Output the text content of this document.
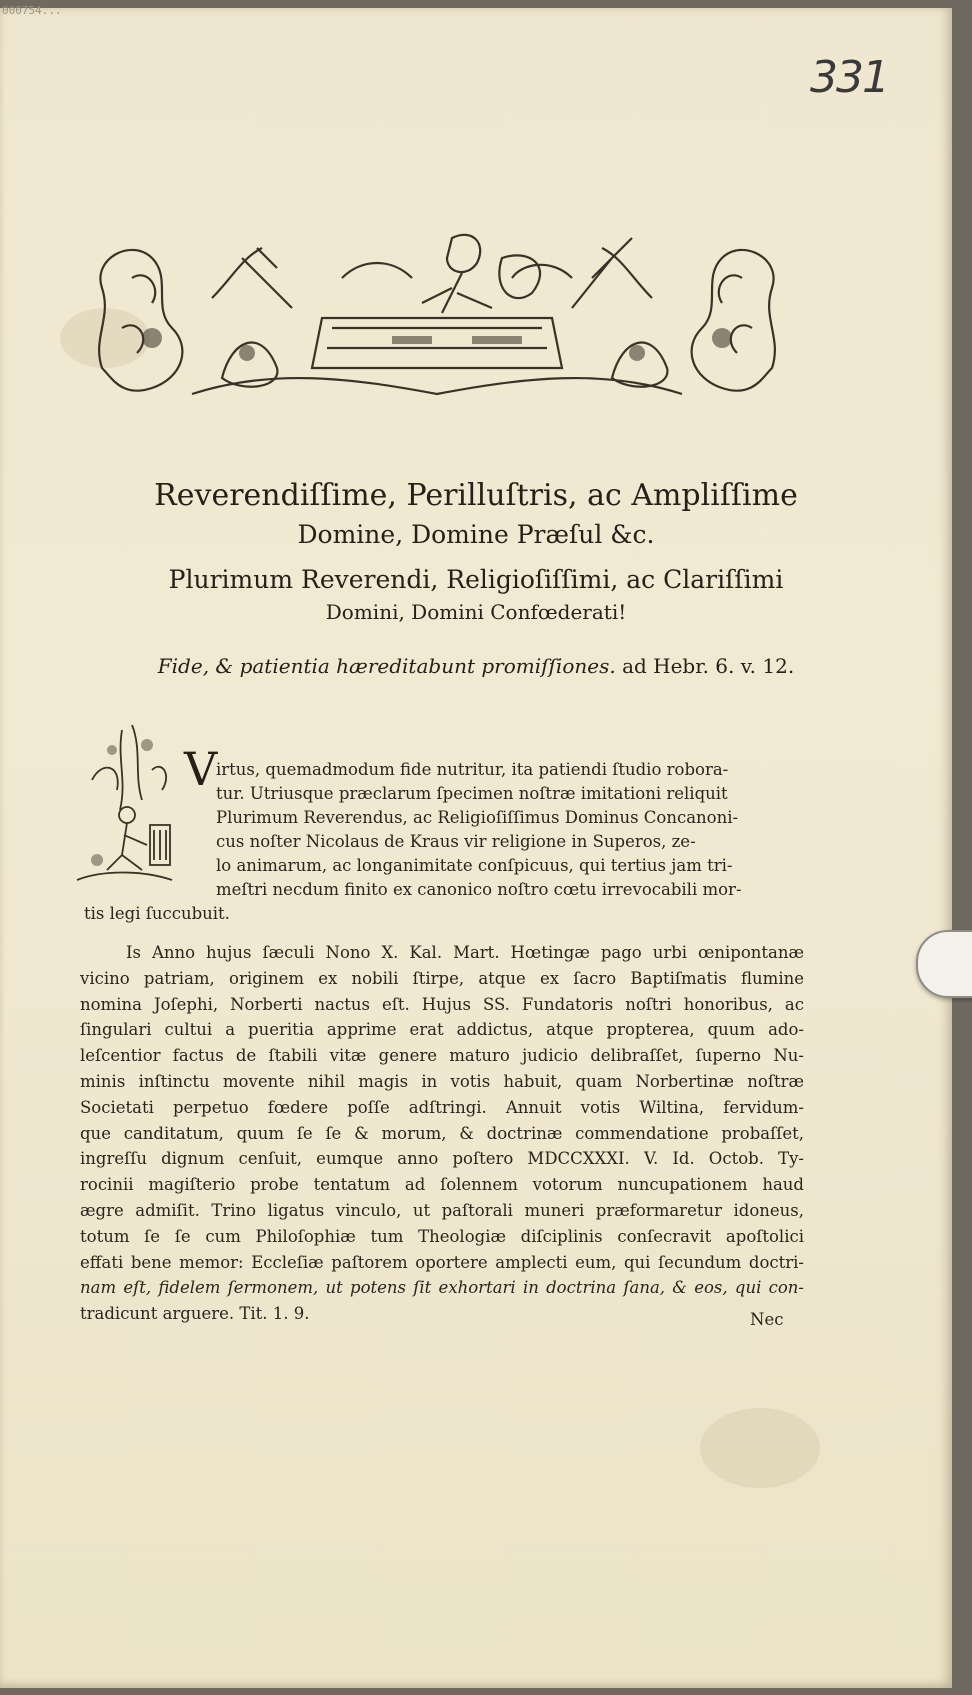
000754...
331
Reverendiſſime, Perilluſtris, ac Ampliſſime
Domine, Domine Præſul &c.
Plurimum Reverendi, Religioſiſſimi, ac Clariſſimi
Domini, Domini Confœderati!
Fide, & patientia hæreditabunt promiſſiones. ad Hebr. 6. v. 12.
V
irtus, quemadmodum fide nutritur, ita patiendi ſtudio robora-
tur. Utriusque præclarum ſpecimen noſtræ imitationi reliquit
Plurimum Reverendus, ac Religioſiſſimus Dominus Concanoni-
cus noſter Nicolaus de Kraus vir religione in Superos, ze-
lo animarum, ac longanimitate conſpicuus, qui tertius jam tri-
meſtri necdum finito ex canonico noſtro cœtu irrevocabili mor-
tis legi ſuccubuit.
Is Anno hujus ſæculi Nono X. Kal. Mart. Hœtingæ pago urbi œnipontanæ
vicino patriam, originem ex nobili ſtirpe, atque ex ſacro Baptiſmatis flumine
nomina Joſephi, Norberti nactus eſt. Hujus SS. Fundatoris noſtri honoribus, ac
ſingulari cultui a pueritia apprime erat addictus, atque propterea, quum ado-
leſcentior factus de ſtabili vitæ genere maturo judicio delibraſſet, ſuperno Nu-
minis inſtinctu movente nihil magis in votis habuit, quam Norbertinæ noſtræ
Societati perpetuo fœdere poſſe adſtringi. Annuit votis Wiltina, fervidum-
que canditatum, quum ſe ſe & morum, & doctrinæ commendatione probaſſet,
ingreſſu dignum cenſuit, eumque anno poſtero MDCCXXXI. V. Id. Octob. Ty-
rocinii magiſterio probe tentatum ad ſolennem votorum nuncupationem haud
ægre admiſit. Trino ligatus vinculo, ut paſtorali muneri præformaretur idoneus,
totum ſe ſe cum Philoſophiæ tum Theologiæ diſciplinis conſecravit apoſtolici
effati bene memor: Eccleſiæ paſtorem oportere amplecti eum, qui ſecundum doctri-
nam eſt, fidelem ſermonem, ut potens ſit exhortari in doctrina ſana, & eos, qui con-
tradicunt arguere. Tit. 1. 9.	Nec
